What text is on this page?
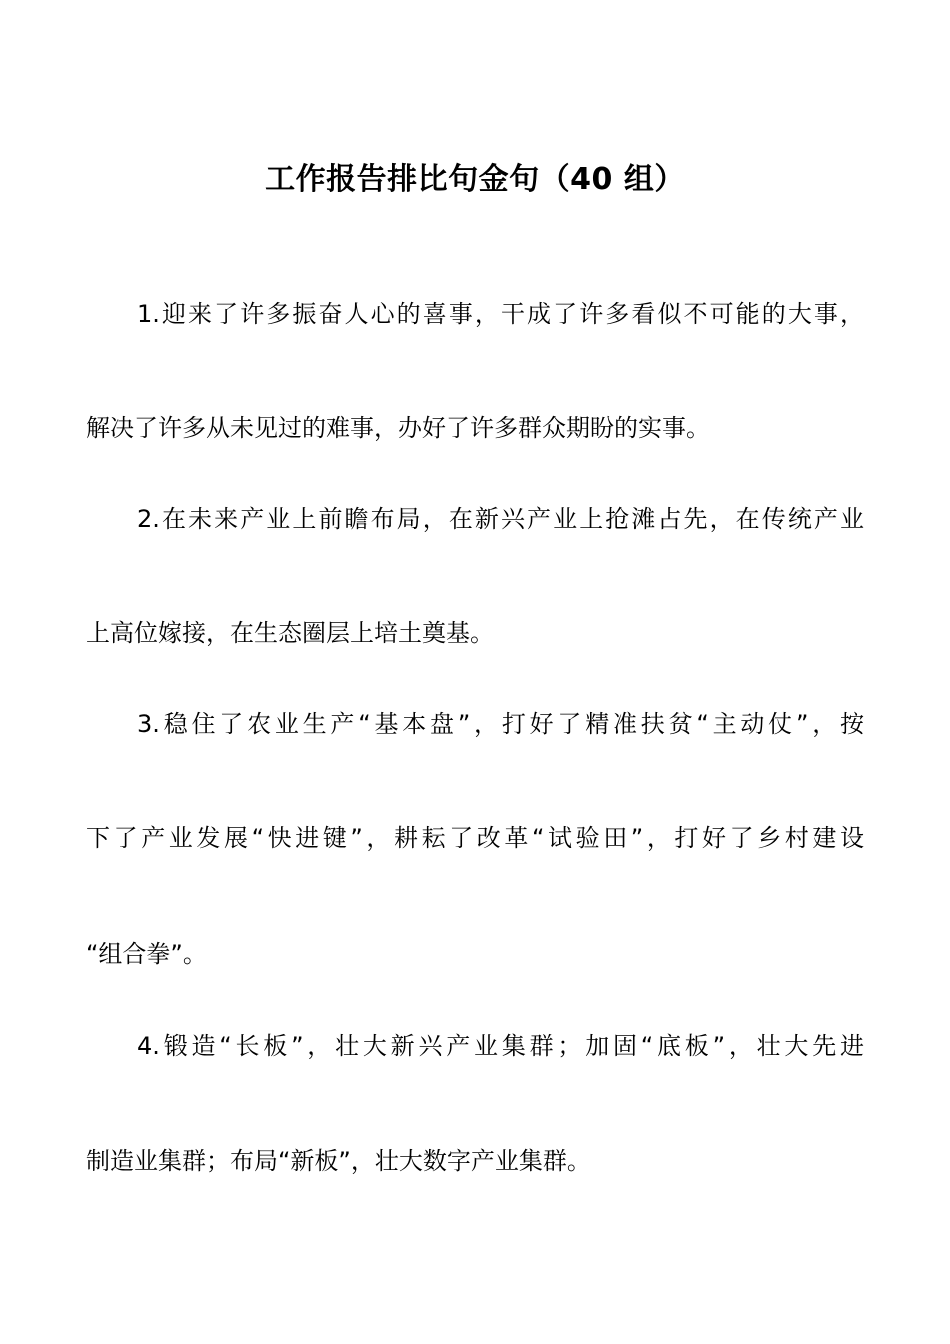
工作报告排比句金句（40 组）
1.迎来了许多振奋人心的喜事，干成了许多看似不可能的大事，
解决了许多从未见过的难事，办好了许多群众期盼的实事。
2.在未来产业上前瞻布局，在新兴产业上抢滩占先，在传统产业
上高位嫁接，在生态圈层上培土奠基。
3.稳住了农业生产“基本盘”，打好了精准扶贫“主动仗”，按
下了产业发展“快进键”，耕耘了改革“试验田”，打好了乡村建设
“组合拳”。
4.锻造“长板”，壮大新兴产业集群；加固“底板”，壮大先进
制造业集群；布局“新板”，壮大数字产业集群。
